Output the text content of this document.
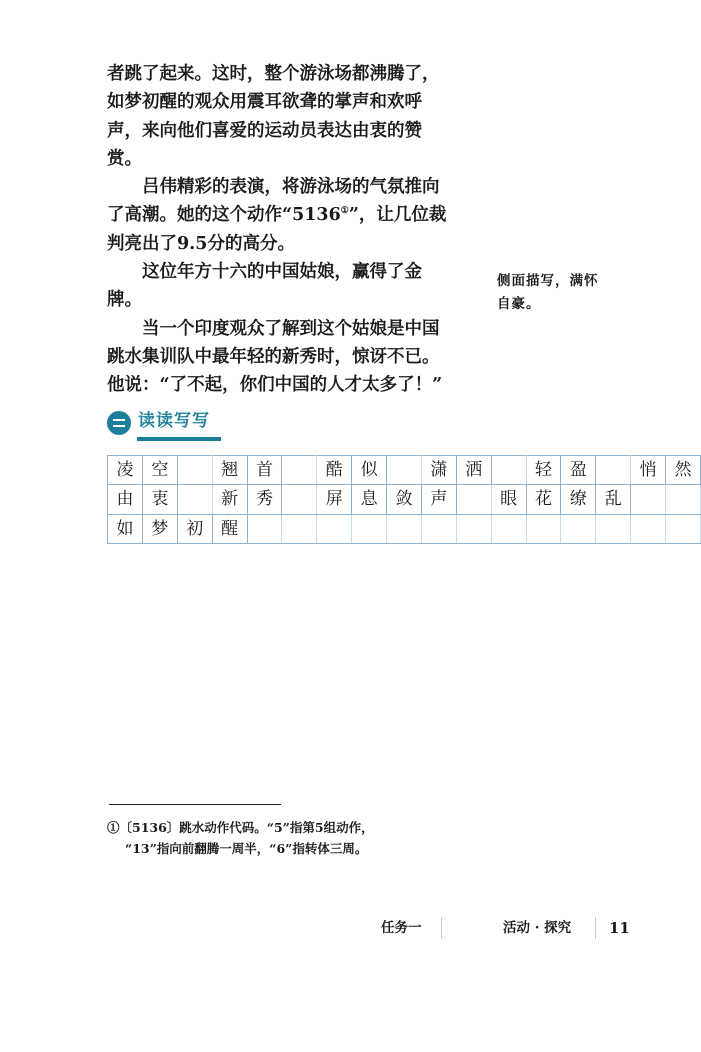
者跳了起来。这时，整个游泳场都沸腾了，如梦初醒的观众用震耳欲聋的掌声和欢呼声，来向他们喜爱的运动员表达由衷的赞赏。

吕伟精彩的表演，将游泳场的气氛推向了高潮。她的这个动作“5136①”，让几位裁判亮出了9.5分的高分。

这位年方十六的中国姑娘，赢得了金牌。

当一个印度观众了解到这个姑娘是中国跳水集训队中最年轻的新秀时，惊讶不已。他说：“了不起，你们中国的人才太多了！”

侧面描写，满怀
自豪。
读读写写
凌	空		翘	首		酷	似		潇	洒		轻	盈		悄	然
由	衷		新	秀		屏	息	敛	声		眼	花	缭	乱		
如	梦	初	醒													
①〔5136〕跳水动作代码。“5”指第5组动作，
“13”指向前翻腾一周半，“6”指转体三周。
任务一	活动 · 探究	11
